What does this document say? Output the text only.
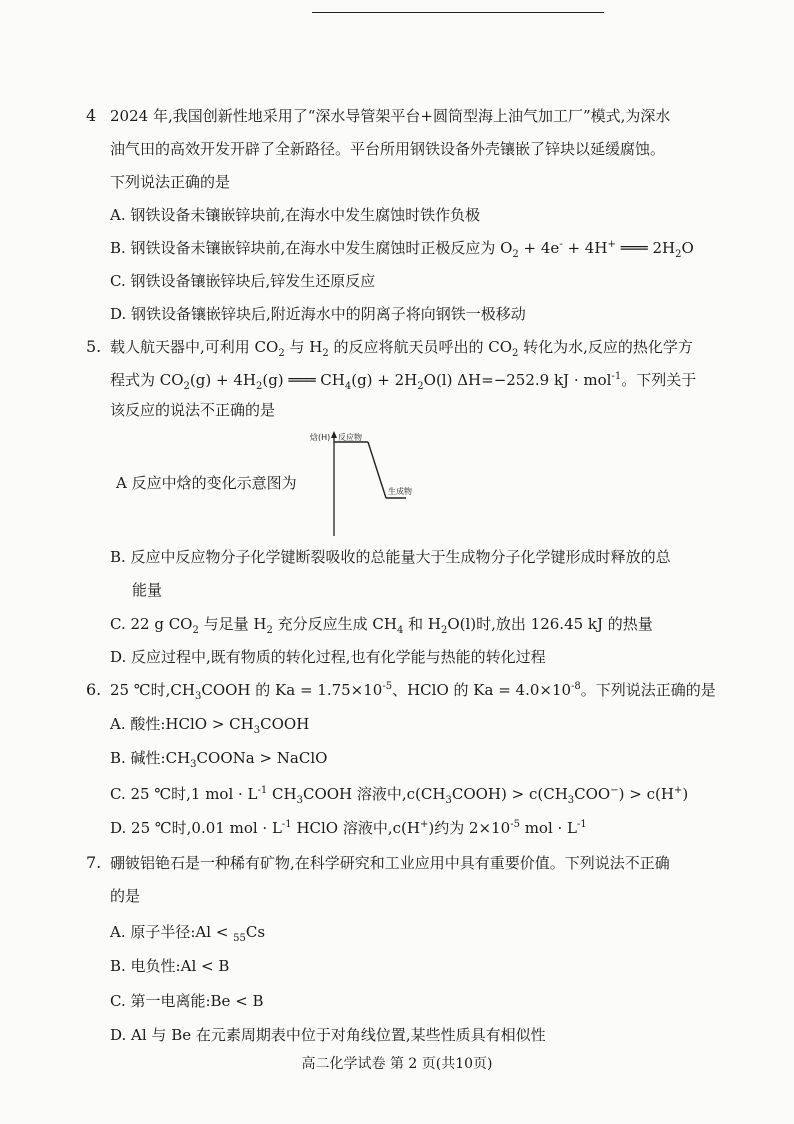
4 2024 年,我国创新性地采用了“深水导管架平台+圆筒型海上油气加工厂”模式,为深水
油气田的高效开发开辟了全新路径。平台所用钢铁设备外壳镶嵌了锌块以延缓腐蚀。
下列说法正确的是
A. 钢铁设备未镶嵌锌块前,在海水中发生腐蚀时铁作负极
B. 钢铁设备未镶嵌锌块前,在海水中发生腐蚀时正极反应为 $O_2 + 4e^- + 4H^+$ ═══ $2H_2O$
C. 钢铁设备镶嵌锌块后,锌发生还原反应
D. 钢铁设备镶嵌锌块后,附近海水中的阴离子将向钢铁一极移动
5. 载人航天器中,可利用 $CO_2$ 与 $H_2$ 的反应将航天员呼出的 $CO_2$ 转化为水,反应的热化学方
程式为 $CO_2(g) + 4H_2(g)$ ═══ $CH_4(g) + 2H_2O(l)$ ΔH=−252.9 kJ · mol$^{-1}$。下列关于
该反应的说法不正确的是
A 反应中焓的变化示意图为
焓(H) 反应物
生成物
B. 反应中反应物分子化学键断裂吸收的总能量大于生成物分子化学键形成时释放的总
能量
C. 22 g $CO_2$ 与足量 $H_2$ 充分反应生成 $CH_4$ 和 $H_2O(l)$时,放出 126.45 kJ 的热量
D. 反应过程中,既有物质的转化过程,也有化学能与热能的转化过程
6. 25 ℃时$,CH_3COOH$ 的 $Ka = 1.75\times 10^{-5}$、HClO 的 $Ka = 4.0\times 10^{-8}$。下列说法正确的是
A. 酸性:HClO > $CH_3COOH$
B. 碱性$:CH_3COONa$ > NaClO
C. 25 ℃时,1 mol · $L^{-1}$ $CH_3COOH$ 溶液中$,c(CH_3COOH) > c(CH_3COO^-) > c(H^+)$
D. 25 ℃时,0.01 mol · $L^{-1}$ HClO 溶液中,c(H+)约为 $2\times 10^{-5}$ mol · $L^{-1}$
7. 硼铍铝铯石是一种稀有矿物,在科学研究和工业应用中具有重要价值。下列说法不正确
的是
A. 原子半径:Al < $_{55}$Cs
B. 电负性:Al < B
C. 第一电离能:Be < B
D. Al 与 Be 在元素周期表中位于对角线位置,某些性质具有相似性
高二化学试卷 第 2 页(共10页)
